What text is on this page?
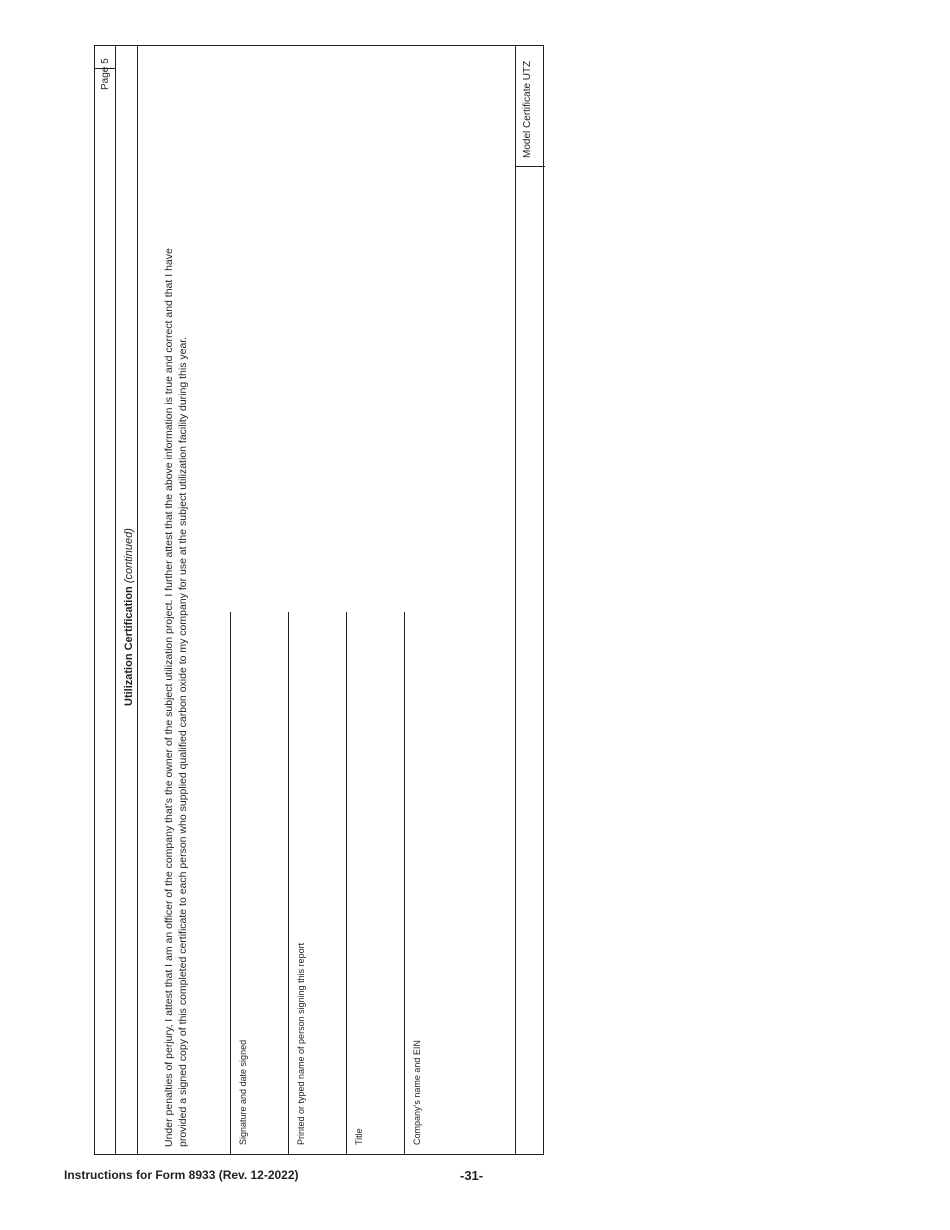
Page 5
Utilization Certification (continued)	Under penalties of perjury, I attest that I am an officer of the company that’s the owner of the subject utilization project. I further attest that the above information is true and correct and that I have provided a signed copy of this completed certificate to each person who supplied qualified carbon oxide to my company for use at the subject utilization facility during this year.	Signature and date signed	Printed or typed name of person signing this report	Title	Company’s name and EIN
Model Certificate UTZ
Instructions for Form 8933 (Rev. 12-2022)	-31-
